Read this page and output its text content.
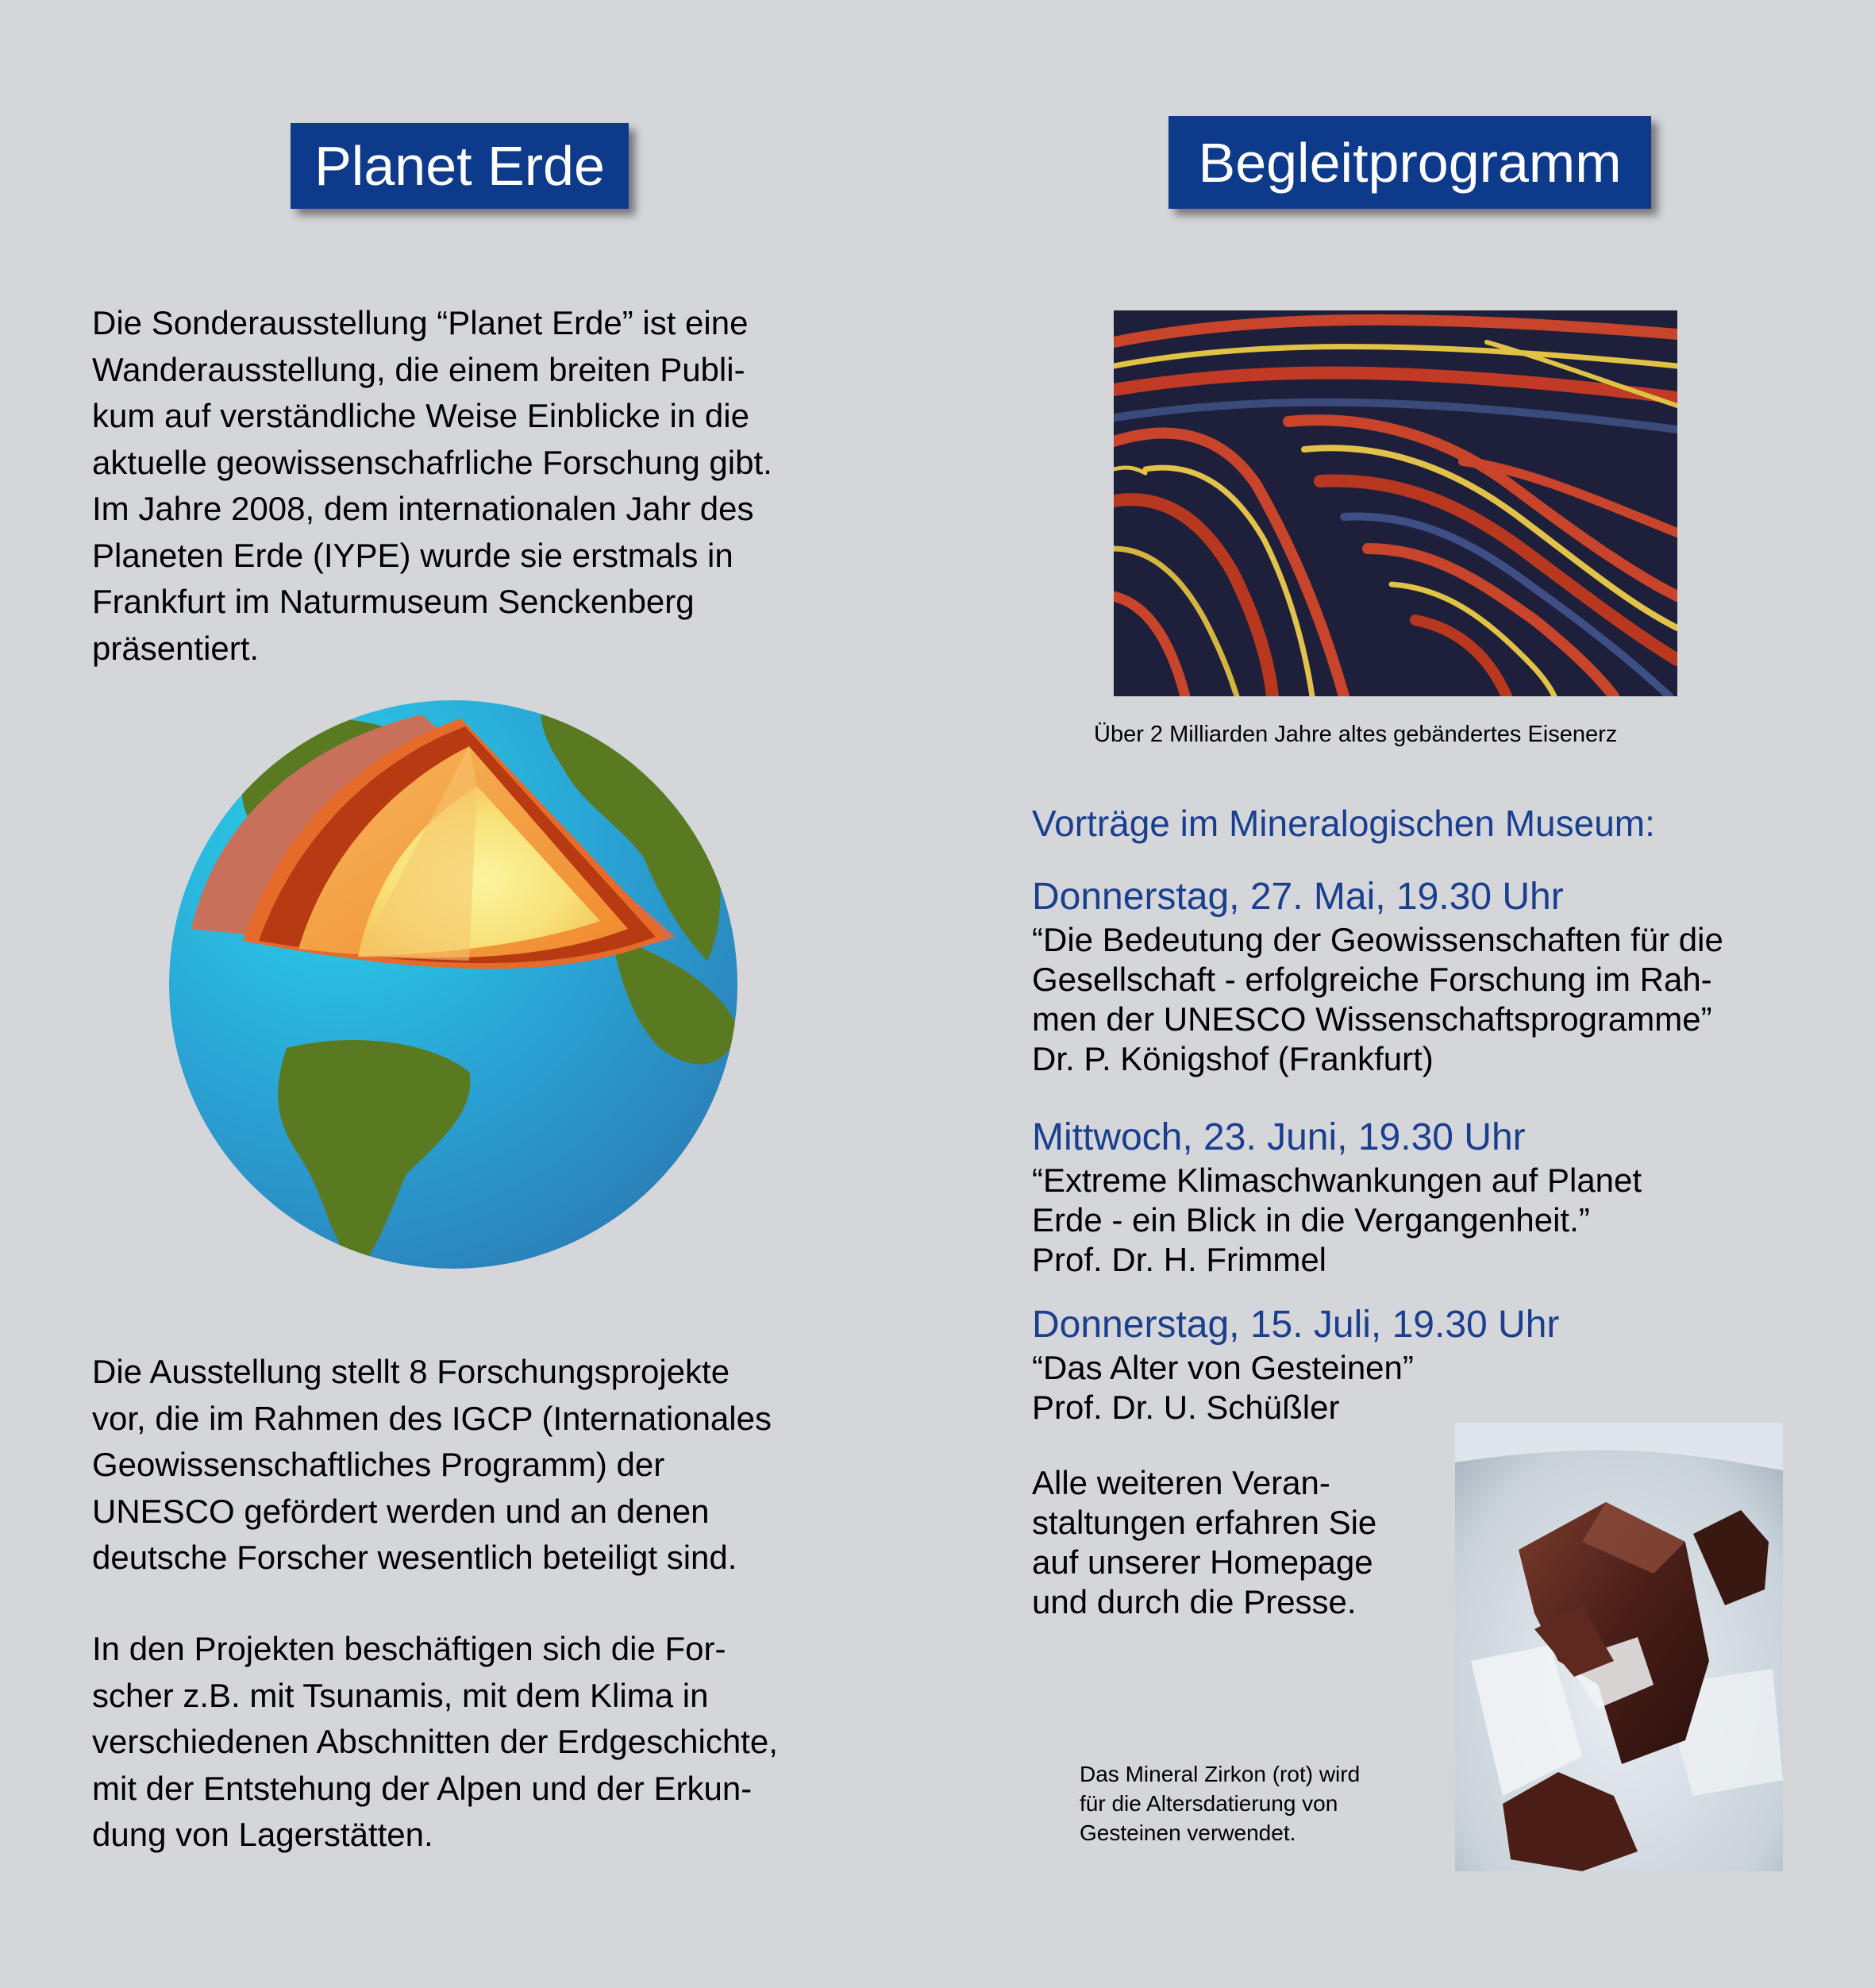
Planet Erde

Die Sonderausstellung “Planet Erde” ist eine
Wanderausstellung, die einem breiten Publi-
kum auf verständliche Weise Einblicke in die
aktuelle geowissenschafrliche Forschung gibt.
Im Jahre 2008, dem internationalen Jahr des
Planeten Erde (IYPE) wurde sie erstmals in
Frankfurt im Naturmuseum Senckenberg
präsentiert.

Die Ausstellung stellt 8 Forschungsprojekte
vor, die im Rahmen des IGCP (Internationales
Geowissenschaftliches Programm) der
UNESCO gefördert werden und an denen
deutsche Forscher wesentlich beteiligt sind.

In den Projekten beschäftigen sich die For-
scher z.B. mit Tsunamis, mit dem Klima in
verschiedenen Abschnitten der Erdgeschichte,
mit der Entstehung der Alpen und der Erkun-
dung von Lagerstätten.

Begleitprogramm
Über 2 Milliarden Jahre altes gebändertes Eisenerz
Vorträge im Mineralogischen Museum:
Donnerstag, 27. Mai, 19.30 Uhr
“Die Bedeutung der Geowissenschaften für die
Gesellschaft - erfolgreiche Forschung im Rah-
men der UNESCO Wissenschaftsprogramme”
Dr. P. Königshof (Frankfurt)
Mittwoch, 23. Juni, 19.30 Uhr
“Extreme Klimaschwankungen auf Planet
Erde - ein Blick in die Vergangenheit.”
Prof. Dr. H. Frimmel
Donnerstag, 15. Juli, 19.30 Uhr
“Das Alter von Gesteinen”
Prof. Dr. U. Schüßler
Alle weiteren Veran-
staltungen erfahren Sie
auf unserer Homepage
und durch die Presse.
Das Mineral Zirkon (rot) wird
für die Altersdatierung von
Gesteinen verwendet.
